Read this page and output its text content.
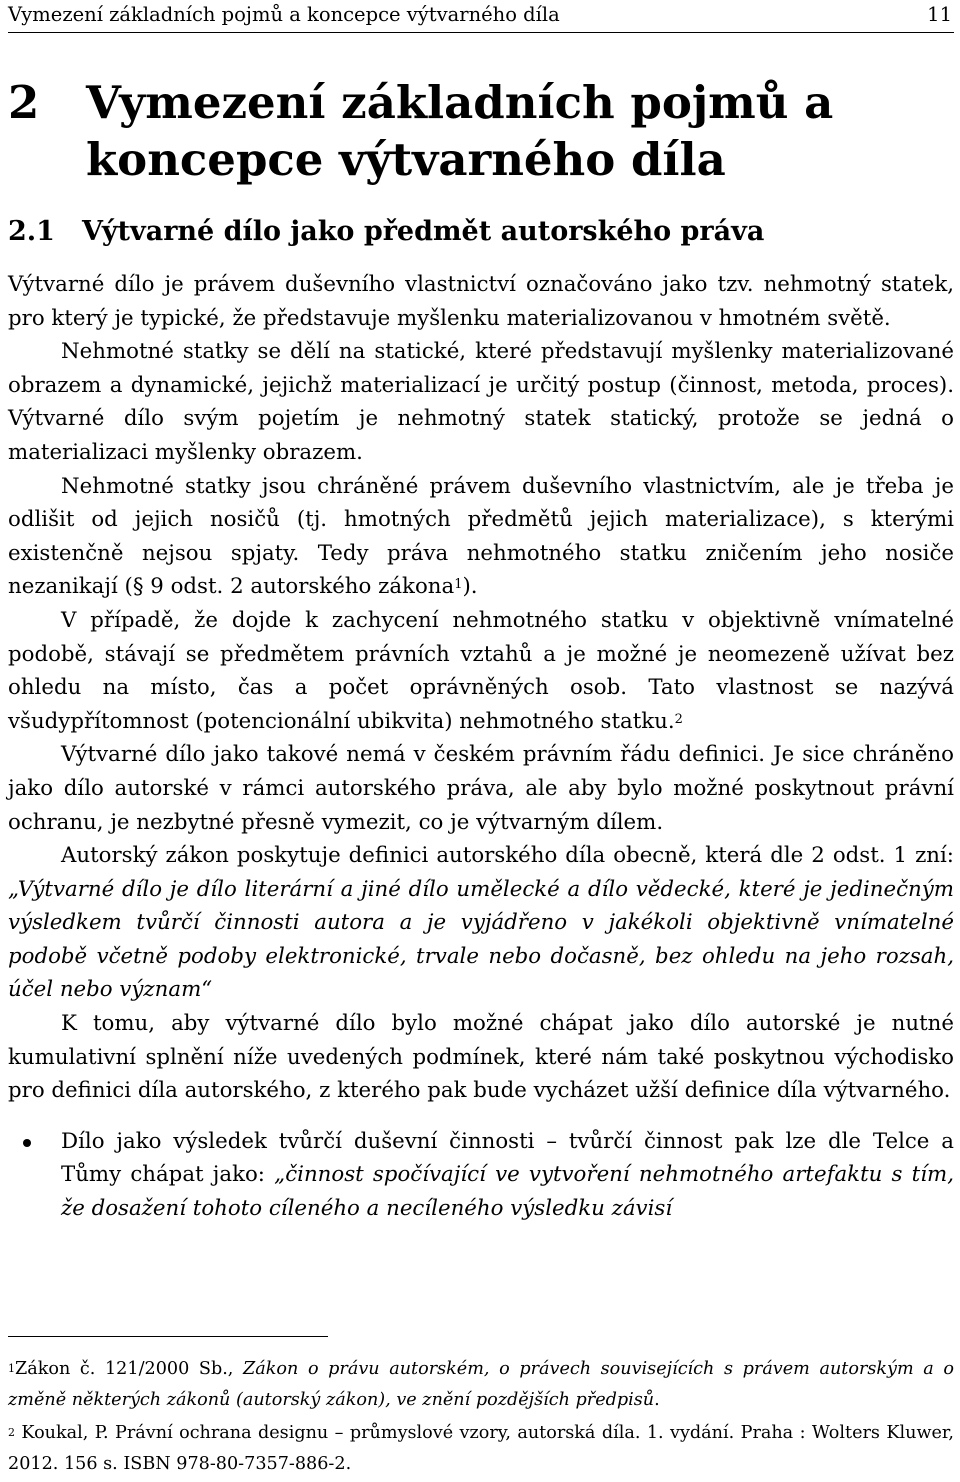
Vymezení základních pojmů a koncepce výtvarného díla	11
2 Vymezení základních pojmů a koncepce výtvarného díla
2.1 Výtvarné dílo jako předmět autorského práva

Výtvarné dílo je právem duševního vlastnictví označováno jako tzv. nehmotný statek, pro který je typické, že představuje myšlenku materializovanou v hmotném světě.

Nehmotné statky se dělí na statické, které představují myšlenky materializované obrazem a dynamické, jejichž materializací je určitý postup (činnost, metoda, proces). Výtvarné dílo svým pojetím je nehmotný statek statický, protože se jedná o materializaci myšlenky obrazem.

Nehmotné statky jsou chráněné právem duševního vlastnictvím, ale je třeba je odlišit od jejich nosičů (tj. hmotných předmětů jejich materializace), s kterými existenčně nejsou spjaty. Tedy práva nehmotného statku zničením jeho nosiče nezanikají (§ 9 odst. 2 autorského zákona$^1$).

V případě, že dojde k zachycení nehmotného statku v objektivně vnímatelné podobě, stávají se předmětem právních vztahů a je možné je neomezeně užívat bez ohledu na místo, čas a počet oprávněných osob. Tato vlastnost se nazývá všudypřítomnost (potencionální ubikvita) nehmotného statku.$^2$

Výtvarné dílo jako takové nemá v českém právním řádu definici. Je sice chráněno jako dílo autorské v rámci autorského práva, ale aby bylo možné poskytnout právní ochranu, je nezbytné přesně vymezit, co je výtvarným dílem.

Autorský zákon poskytuje definici autorského díla obecně, která dle 2 odst. 1 zní: „Výtvarné dílo je dílo literární a jiné dílo umělecké a dílo vědecké, které je jedinečným výsledkem tvůrčí činnosti autora a je vyjádřeno v jakékoli objektivně vnímatelné podobě včetně podoby elektronické, trvale nebo dočasně, bez ohledu na jeho rozsah, účel nebo význam“

K tomu, aby výtvarné dílo bylo možné chápat jako dílo autorské je nutné kumulativní splnění níže uvedených podmínek, které nám také poskytnou východisko pro definici díla autorského, z kterého pak bude vycházet užší definice díla výtvarného.

Dílo jako výsledek tvůrčí duševní činnosti – tvůrčí činnost pak lze dle Telce a Tůmy chápat jako: „činnost spočívající ve vytvoření nehmotného artefaktu s tím, že dosažení tohoto cíleného a necíleného výsledku závisí

$^1$Zákon č. 121/2000 Sb., Zákon o právu autorském, o právech souvisejících s právem autorským a o změně některých zákonů (autorský zákon), ve znění pozdějších předpisů.

$^2$ Koukal, P. Právní ochrana designu – průmyslové vzory, autorská díla. 1. vydání. Praha : Wolters Kluwer, 2012. 156 s. ISBN 978-80-7357-886-2.
